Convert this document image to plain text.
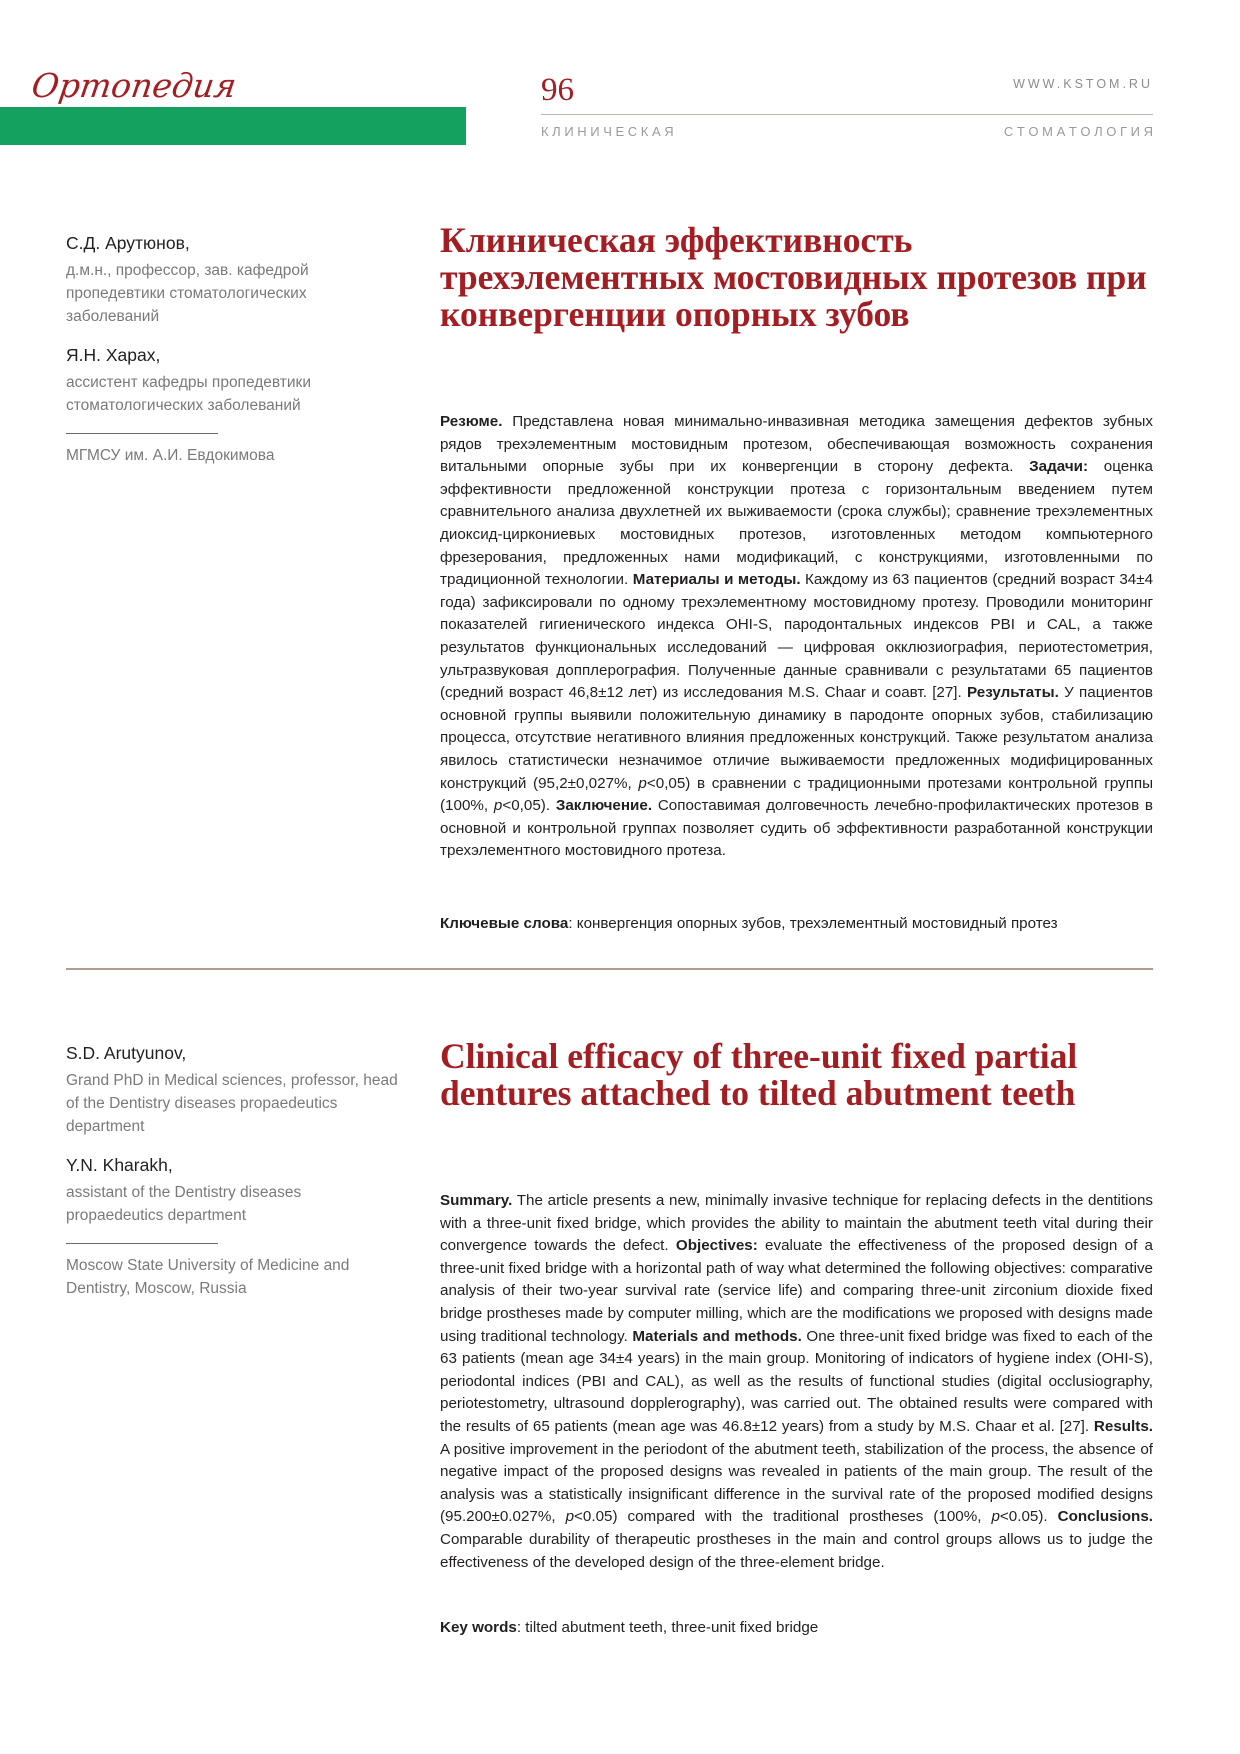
Ортопедия	96	WWW.KSTOM.RU
К Л И Н И Ч Е С К А Я	С Т О М А Т О Л О Г И Я

С.Д. Арутюнов,

д.м.н., профессор, зав. кафедрой пропедевтики стоматологических заболеваний

Я.Н. Харах,

ассистент кафедры пропедевтики стоматологических заболеваний

МГМСУ им. А.И. Евдокимова

Клиническая эффективность трехэлементных мостовидных протезов при конвергенции опорных зубов

Резюме. Представлена новая минимально-инвазивная методика замещения дефектов зубных рядов трехэлементным мостовидным протезом, обеспечивающая возможность сохранения витальными опорные зубы при их конвергенции в сторону дефекта. Задачи: оценка эффективности предложенной конструкции протеза с горизонтальным введением путем сравнительного анализа двухлетней их выживаемости (срока службы); сравнение трехэлементных диоксид-циркониевых мостовидных протезов, изготовленных методом компьютерного фрезерования, предложенных нами модификаций, с конструкциями, изготовленными по традиционной технологии. Материалы и методы. Каждому из 63 пациентов (средний возраст 34±4 года) зафиксировали по одному трехэлементному мостовидному протезу. Проводили мониторинг показателей гигиенического индекса OHI-S, пародонтальных индексов PBI и CAL, а также результатов функциональных исследований — цифровая окклюзиография, периотестометрия, ультразвуковая допплерография. Полученные данные сравнивали с результатами 65 пациентов (средний возраст 46,8±12 лет) из исследования M.S. Chaar и соавт. [27]. Результаты. У пациентов основной группы выявили положительную динамику в пародонте опорных зубов, стабилизацию процесса, отсутствие негативного влияния предложенных конструкций. Также результатом анализа явилось статистически незначимое отличие выживаемости предложенных модифицированных конструкций (95,2±0,027%, p<0,05) в сравнении с традиционными протезами контрольной группы (100%, p<0,05). Заключение. Сопоставимая долговечность лечебно-профилактических протезов в основной и контрольной группах позволяет судить об эффективности разработанной конструкции трехэлементного мостовидного протеза.

Ключевые слова: конвергенция опорных зубов, трехэлементный мостовидный протез

S.D. Arutyunov,

Grand PhD in Medical sciences, professor, head of the Dentistry diseases propaedeutics department

Y.N. Kharakh,

assistant of the Dentistry diseases propaedeutics department

Moscow State University of Medicine and Dentistry, Moscow, Russia

Clinical efficacy of three-unit fixed partial dentures attached to tilted abutment teeth

Summary. The article presents a new, minimally invasive technique for replacing defects in the dentitions with a three-unit fixed bridge, which provides the ability to maintain the abutment teeth vital during their convergence towards the defect. Objectives: evaluate the effectiveness of the proposed design of a three-unit fixed bridge with a horizontal path of way what determined the following objectives: comparative analysis of their two-year survival rate (service life) and comparing three-unit zirconium dioxide fixed bridge prostheses made by computer milling, which are the modifications we proposed with designs made using traditional technology. Materials and methods. One three-unit fixed bridge was fixed to each of the 63 patients (mean age 34±4 years) in the main group. Monitoring of indicators of hygiene index (OHI-S), periodontal indices (PBI and CAL), as well as the results of functional studies (digital occlusiography, periotestometry, ultrasound dopplerography), was carried out. The obtained results were compared with the results of 65 patients (mean age was 46.8±12 years) from a study by M.S. Chaar et al. [27]. Results. A positive improvement in the periodont of the abutment teeth, stabilization of the process, the absence of negative impact of the proposed designs was revealed in patients of the main group. The result of the analysis was a statistically insignificant difference in the survival rate of the proposed modified designs (95.200±0.027%, p<0.05) compared with the traditional prostheses (100%, p<0.05). Conclusions. Comparable durability of therapeutic prostheses in the main and control groups allows us to judge the effectiveness of the developed design of the three-element bridge.

Key words: tilted abutment teeth, three-unit fixed bridge
